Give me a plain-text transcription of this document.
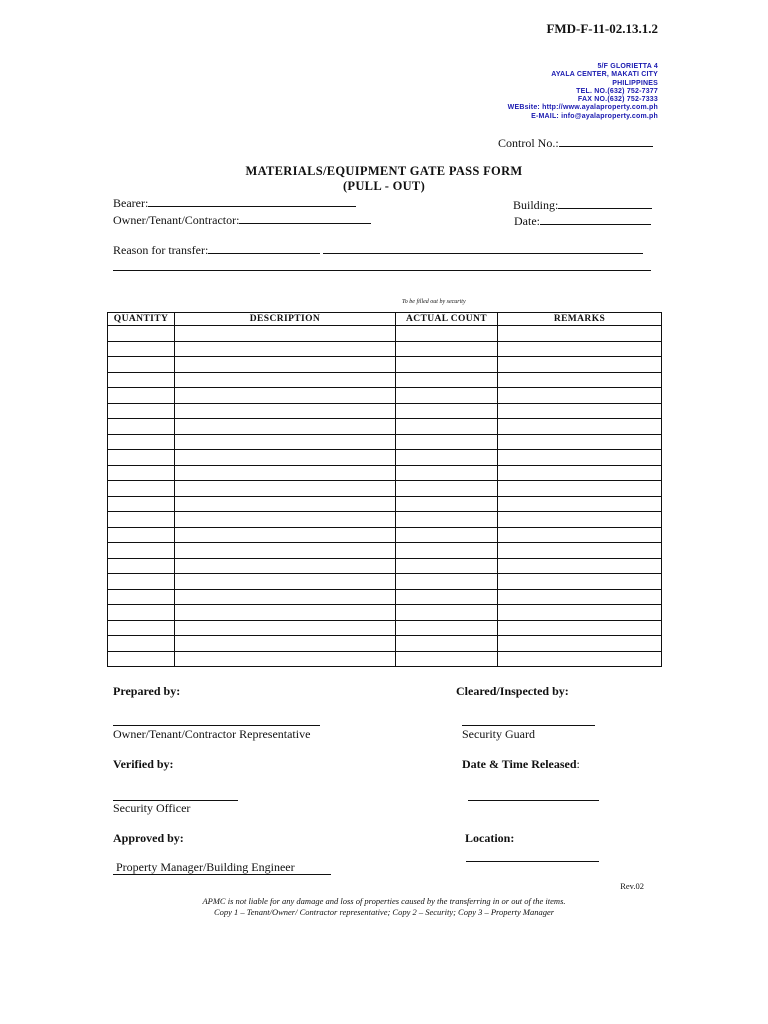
FMD-F-11-02.13.1.2
5/F GLORIETTA 4
AYALA CENTER, MAKATI CITY
PHILIPPINES
TEL. NO.(632) 752-7377
FAX NO.(632) 752-7333
WEBsite: http://www.ayalaproperty.com.ph
E-MAIL: info@ayalaproperty.com.ph
Control No.:
MATERIALS/EQUIPMENT GATE PASS FORM
(PULL - OUT)
Bearer:
Owner/Tenant/Contractor:
Building:
Date:
Reason for transfer:
To be filled out by security
QUANTITY	DESCRIPTION	ACTUAL COUNT	REMARKS

Prepared by:
Owner/Tenant/Contractor Representative
Cleared/Inspected by:
Security Guard
Verified by:
Security Officer
Date & Time Released:
Approved by:
Property Manager/Building Engineer
Location:
Rev.02
APMC is not liable for any damage and loss of properties caused by the transferring in or out of the items.
Copy 1 – Tenant/Owner/ Contractor representative; Copy 2 – Security; Copy 3 – Property Manager
